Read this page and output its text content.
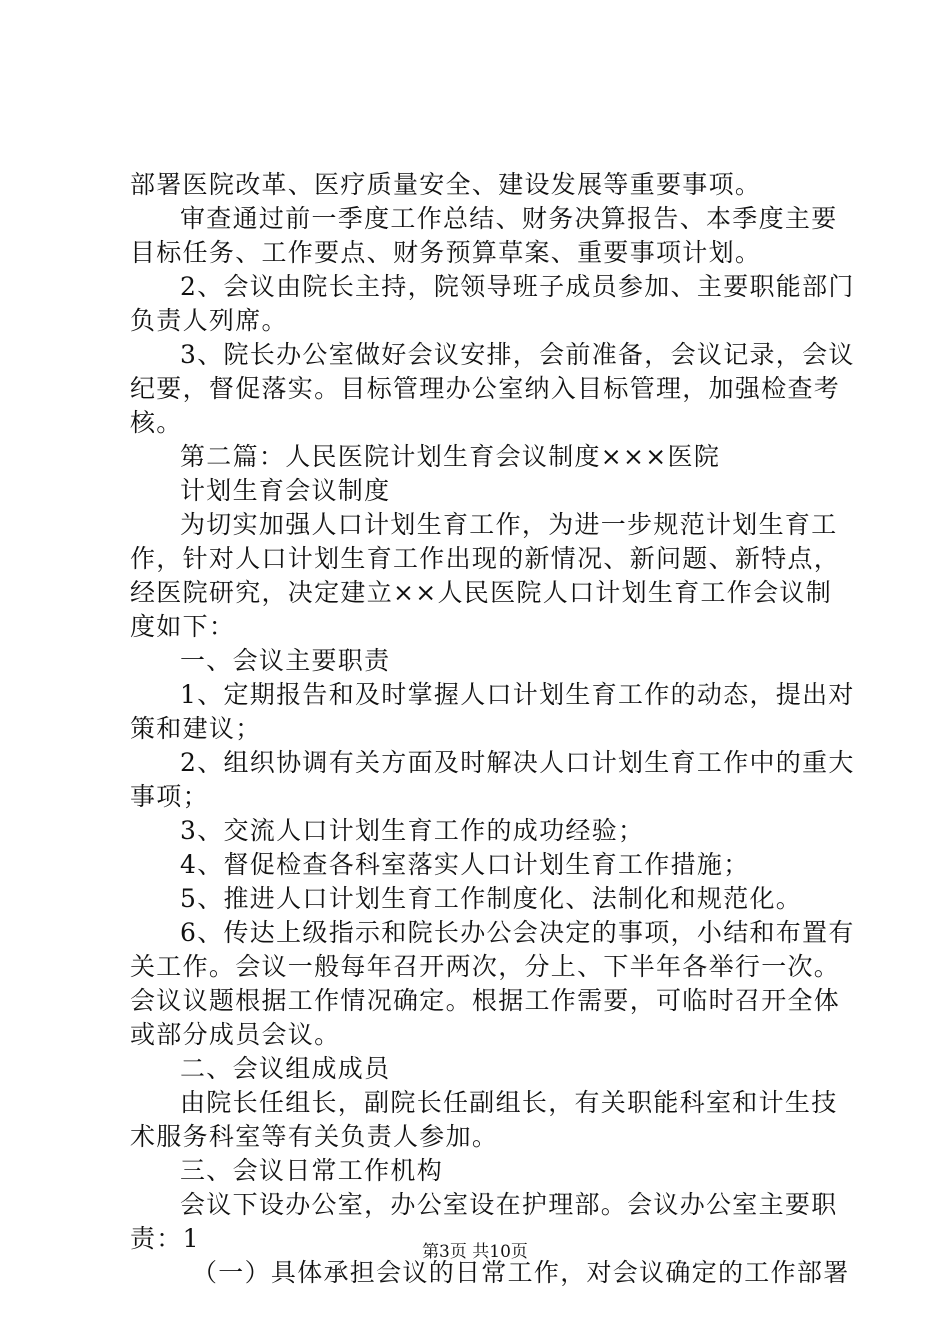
部署医院改革、医疗质量安全、建设发展等重要事项。
审查通过前一季度工作总结、财务决算报告、本季度主要
目标任务、工作要点、财务预算草案、重要事项计划。
2、会议由院长主持，院领导班子成员参加、主要职能部门
负责人列席。
3、院长办公室做好会议安排，会前准备，会议记录，会议
纪要，督促落实。目标管理办公室纳入目标管理，加强检查考
核。
第二篇：人民医院计划生育会议制度×××医院
计划生育会议制度
为切实加强人口计划生育工作，为进一步规范计划生育工
作，针对人口计划生育工作出现的新情况、新问题、新特点，
经医院研究，决定建立××人民医院人口计划生育工作会议制
度如下：
一、会议主要职责
1、定期报告和及时掌握人口计划生育工作的动态，提出对
策和建议；
2、组织协调有关方面及时解决人口计划生育工作中的重大
事项；
3、交流人口计划生育工作的成功经验；
4、督促检查各科室落实人口计划生育工作措施；
5、推进人口计划生育工作制度化、法制化和规范化。
6、传达上级指示和院长办公会决定的事项，小结和布置有
关工作。会议一般每年召开两次，分上、下半年各举行一次。
会议议题根据工作情况确定。根据工作需要，可临时召开全体
或部分成员会议。
二、会议组成成员
由院长任组长，副院长任副组长，有关职能科室和计生技
术服务科室等有关负责人参加。
三、会议日常工作机构
会议下设办公室，办公室设在护理部。会议办公室主要职
责：1
（一）具体承担会议的日常工作，对会议确定的工作部署
第3页 共10页
